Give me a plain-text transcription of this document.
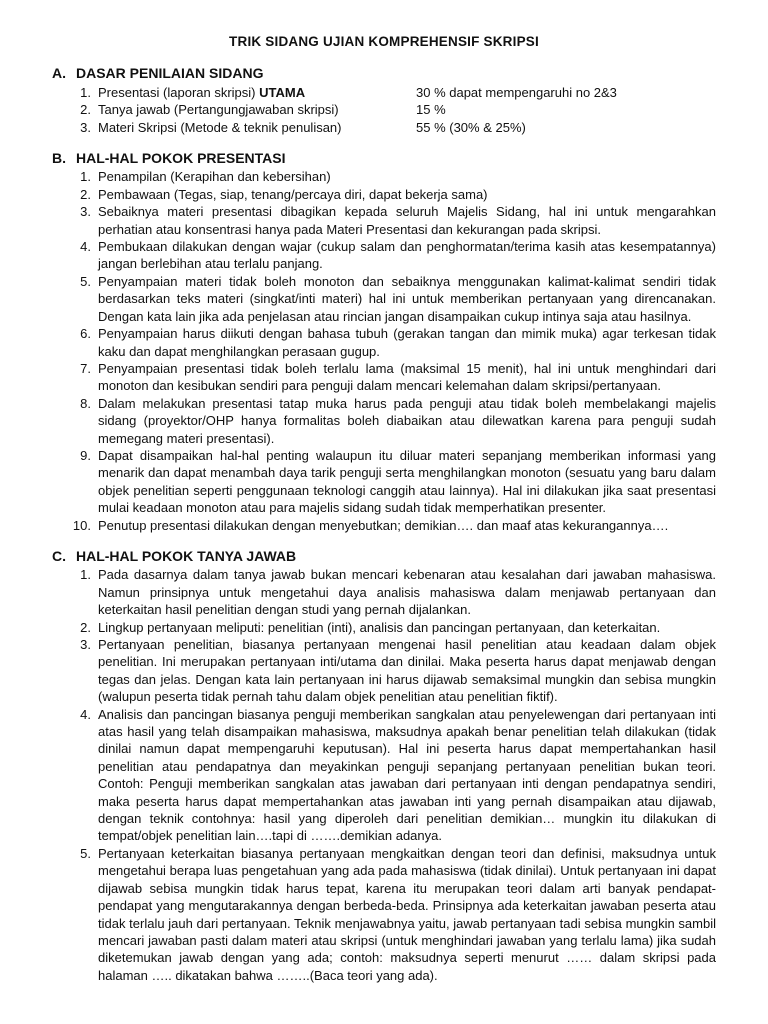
TRIK SIDANG UJIAN KOMPREHENSIF SKRIPSI
A. DASAR PENILAIAN SIDANG
1. Presentasi (laporan skripsi) UTAMA	30 % dapat mempengaruhi no 2&3
2. Tanya jawab (Pertangungjawaban skripsi)	15 %
3. Materi Skripsi (Metode & teknik penulisan)	55 % (30% & 25%)
B. HAL-HAL POKOK PRESENTASI
1. Penampilan (Kerapihan dan kebersihan)
2. Pembawaan (Tegas, siap, tenang/percaya diri, dapat bekerja sama)
3. Sebaiknya materi presentasi dibagikan kepada seluruh Majelis Sidang, hal ini untuk mengarahkan perhatian atau konsentrasi hanya pada Materi Presentasi dan kekurangan pada skripsi.
4. Pembukaan dilakukan dengan wajar (cukup salam dan penghormatan/terima kasih atas kesempatannya) jangan berlebihan atau terlalu panjang.
5. Penyampaian materi tidak boleh monoton dan sebaiknya menggunakan kalimat-kalimat sendiri tidak berdasarkan teks materi (singkat/inti materi) hal ini untuk memberikan pertanyaan yang direncanakan. Dengan kata lain jika ada penjelasan atau rincian jangan disampaikan cukup intinya saja atau hasilnya.
6. Penyampaian harus diikuti dengan bahasa tubuh (gerakan tangan dan mimik muka) agar terkesan tidak kaku dan dapat menghilangkan perasaan gugup.
7. Penyampaian presentasi tidak boleh terlalu lama (maksimal 15 menit), hal ini untuk menghindari dari monoton dan kesibukan sendiri para penguji dalam mencari kelemahan dalam skripsi/pertanyaan.
8. Dalam melakukan presentasi tatap muka harus pada penguji atau tidak boleh membelakangi majelis sidang (proyektor/OHP hanya formalitas boleh diabaikan atau dilewatkan karena para penguji sudah memegang materi presentasi).
9. Dapat disampaikan hal-hal penting walaupun itu diluar materi sepanjang memberikan informasi yang menarik dan dapat menambah daya tarik penguji serta menghilangkan monoton (sesuatu yang baru dalam objek penelitian seperti penggunaan teknologi canggih atau lainnya). Hal ini dilakukan jika saat presentasi mulai keadaan monoton atau para majelis sidang sudah tidak memperhatikan presenter.
10. Penutup presentasi dilakukan dengan menyebutkan; demikian…. dan maaf atas kekurangannya….
C. HAL-HAL POKOK TANYA JAWAB
1. Pada dasarnya dalam tanya jawab bukan mencari kebenaran atau kesalahan dari jawaban mahasiswa. Namun prinsipnya untuk mengetahui daya analisis mahasiswa dalam menjawab pertanyaan dan keterkaitan hasil penelitian dengan studi yang pernah dijalankan.
2. Lingkup pertanyaan meliputi: penelitian (inti), analisis dan pancingan pertanyaan, dan keterkaitan.
3. Pertanyaan penelitian, biasanya pertanyaan mengenai hasil penelitian atau keadaan dalam objek penelitian. Ini merupakan pertanyaan inti/utama dan dinilai. Maka peserta harus dapat menjawab dengan tegas dan jelas. Dengan kata lain pertanyaan ini harus dijawab semaksimal mungkin dan sebisa mungkin (walupun peserta tidak pernah tahu dalam objek penelitian atau penelitian fiktif).
4. Analisis dan pancingan biasanya penguji memberikan sangkalan atau penyelewengan dari pertanyaan inti atas hasil yang telah disampaikan mahasiswa, maksudnya apakah benar penelitian telah dilakukan (tidak dinilai namun dapat mempengaruhi keputusan). Hal ini peserta harus dapat mempertahankan hasil penelitian atau pendapatnya dan meyakinkan penguji sepanjang pertanyaan penelitian bukan teori. Contoh: Penguji memberikan sangkalan atas jawaban dari pertanyaan inti dengan pendapatnya sendiri, maka peserta harus dapat mempertahankan atas jawaban inti yang pernah disampaikan atau dijawab, dengan teknik contohnya: hasil yang diperoleh dari penelitian demikian… mungkin itu dilakukan di tempat/objek penelitian lain….tapi di …….demikian adanya.
5. Pertanyaan keterkaitan biasanya pertanyaan mengkaitkan dengan teori dan definisi, maksudnya untuk mengetahui berapa luas pengetahuan yang ada pada mahasiswa (tidak dinilai). Untuk pertanyaan ini dapat dijawab sebisa mungkin tidak harus tepat, karena itu merupakan teori dalam arti banyak pendapat-pendapat yang mengutarakannya dengan berbeda-beda. Prinsipnya ada keterkaitan jawaban peserta atau tidak terlalu jauh dari pertanyaan. Teknik menjawabnya yaitu, jawab pertanyaan tadi sebisa mungkin sambil mencari jawaban pasti dalam materi atau skripsi (untuk menghindari jawaban yang terlalu lama) jika sudah diketemukan jawab dengan yang ada; contoh: maksudnya seperti menurut …… dalam skripsi pada halaman ….. dikatakan bahwa ……..(Baca teori yang ada).
